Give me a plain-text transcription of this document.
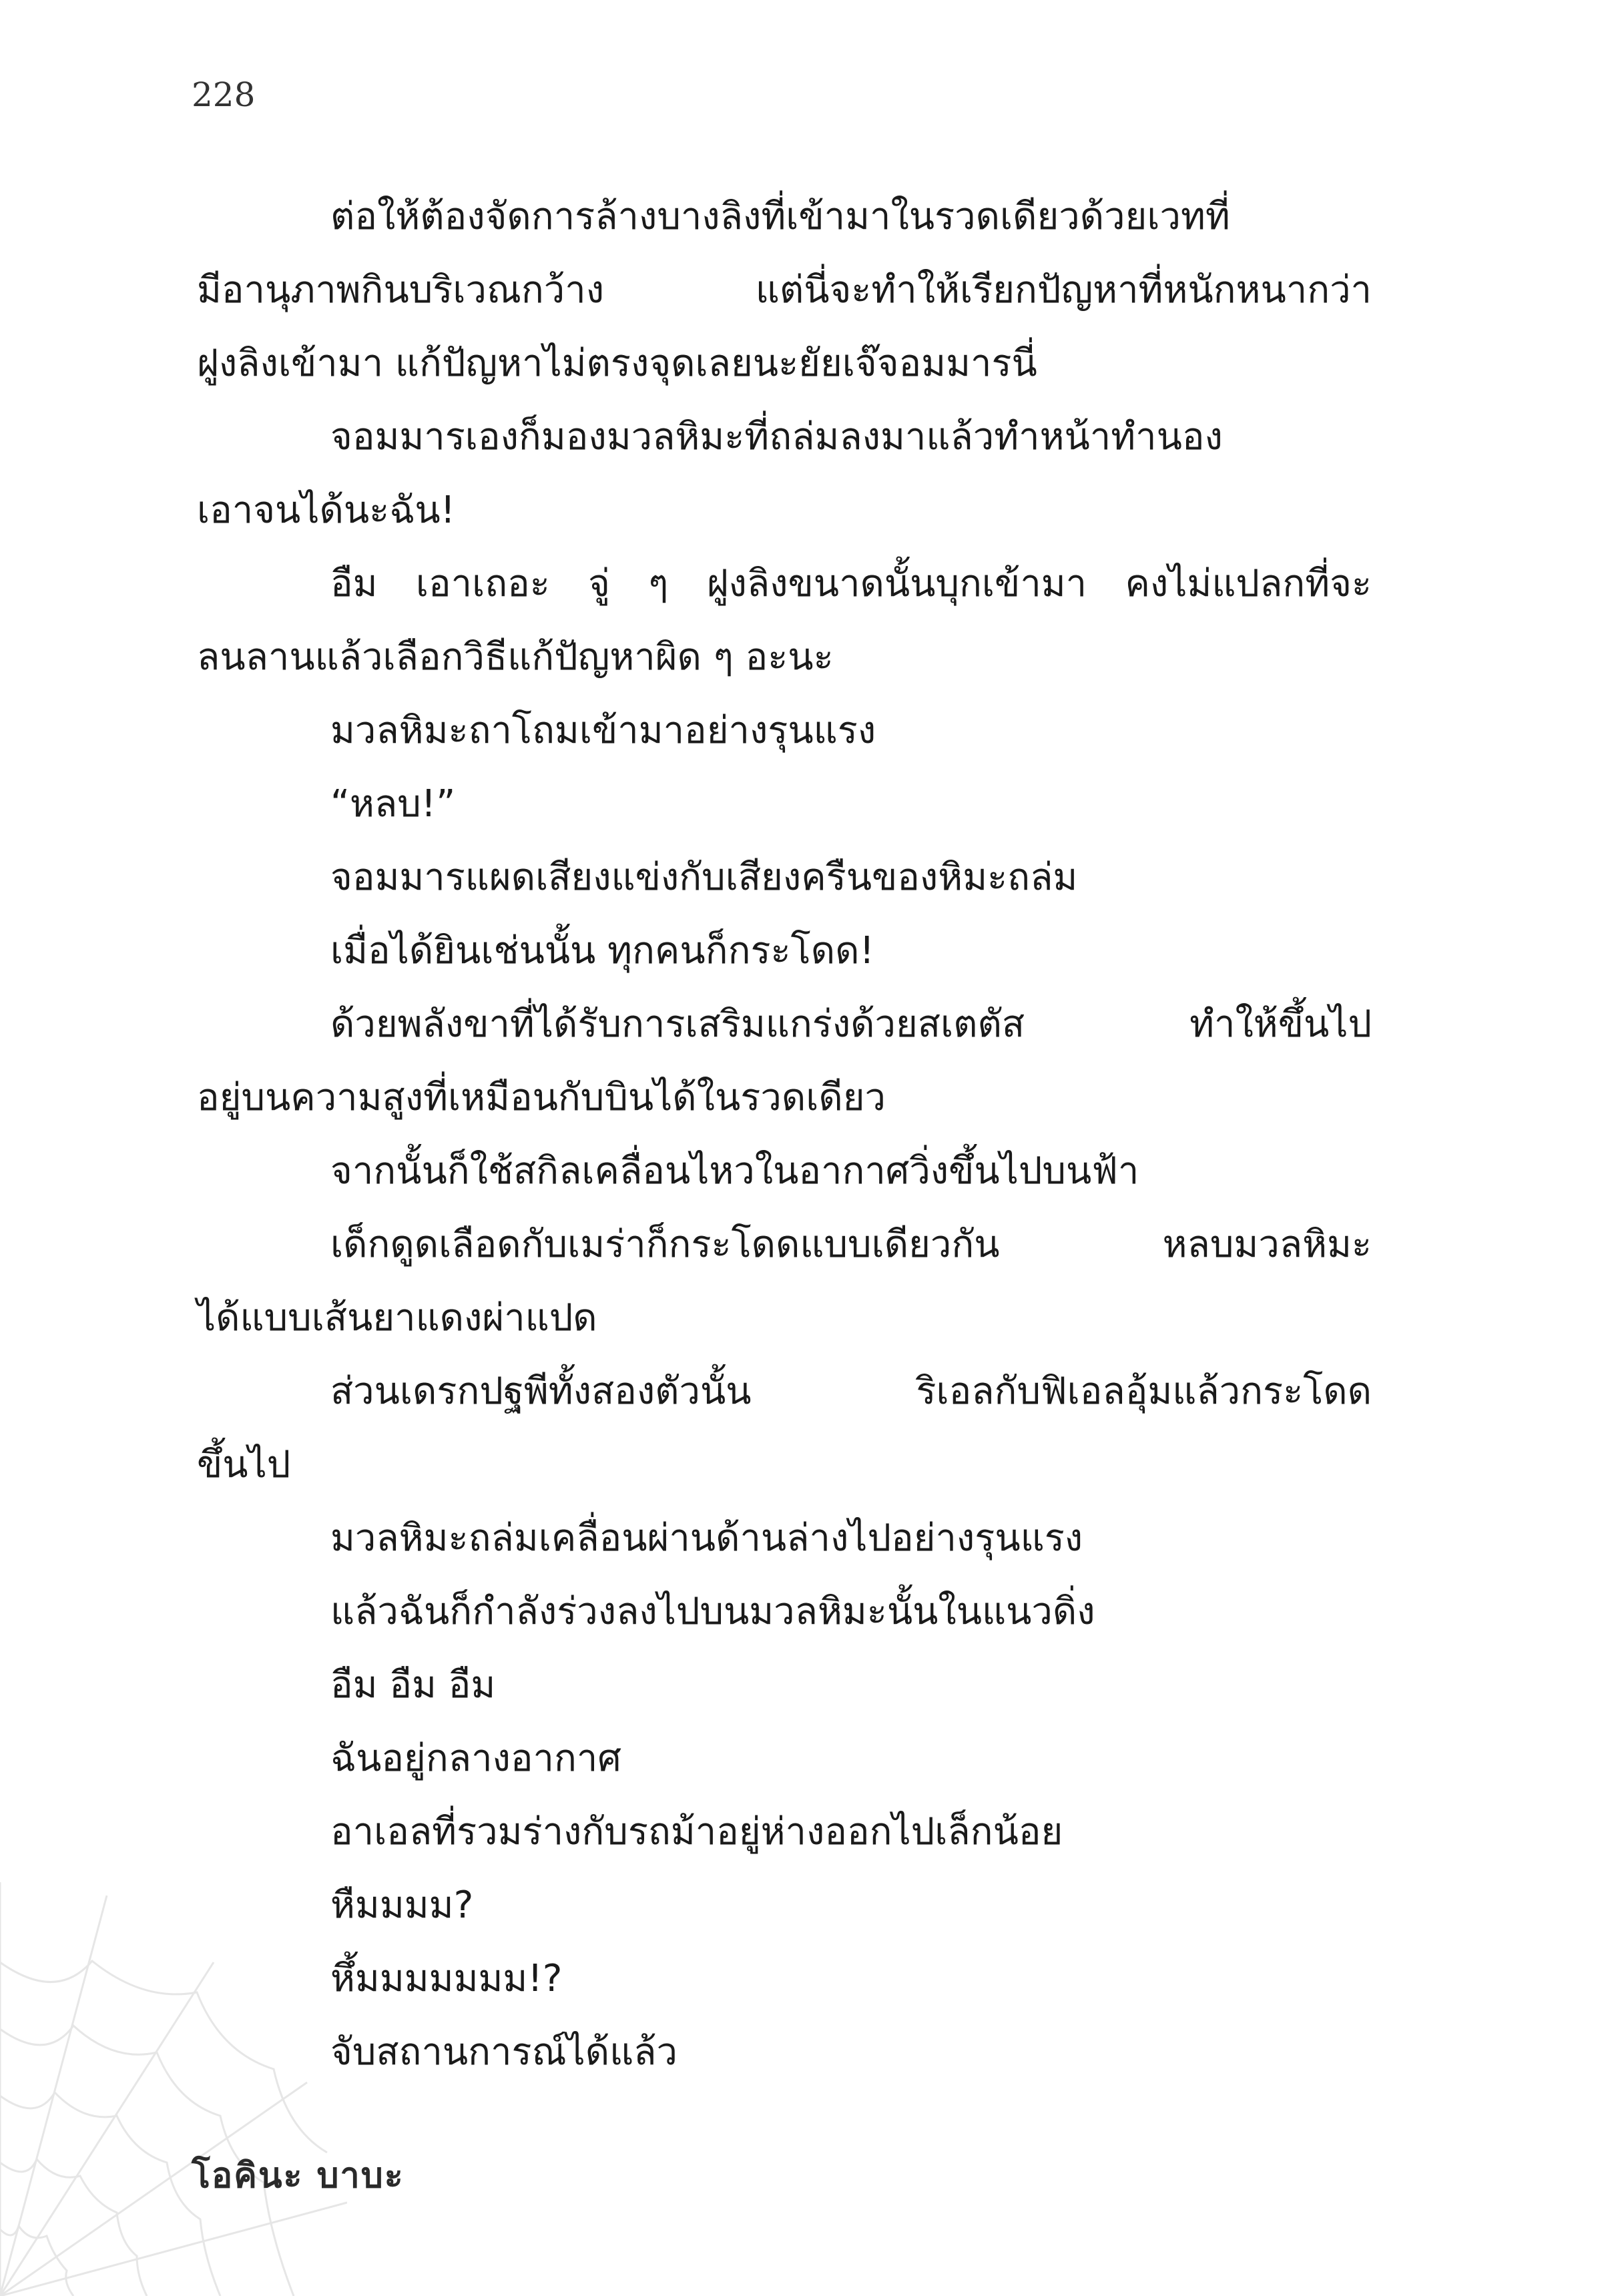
228
ต่อให้ต้องจัดการล้างบางลิงที่เข้ามาในรวดเดียวด้วยเวทที่
มีอานุภาพกินบริเวณกว้าง แต่นี่จะทำให้เรียกปัญหาที่หนักหนากว่า
ฝูงลิงเข้ามา แก้ปัญหาไม่ตรงจุดเลยนะยัยเจ๊จอมมารนี่
จอมมารเองก็มองมวลหิมะที่ถล่มลงมาแล้วทำหน้าทำนอง
เอาจนได้นะฉัน!
อืม เอาเถอะ จู่ ๆ ฝูงลิงขนาดนั้นบุกเข้ามา คงไม่แปลกที่จะ
ลนลานแล้วเลือกวิธีแก้ปัญหาผิด ๆ อะนะ
มวลหิมะถาโถมเข้ามาอย่างรุนแรง
“หลบ!”
จอมมารแผดเสียงแข่งกับเสียงครืนของหิมะถล่ม
เมื่อได้ยินเช่นนั้น ทุกคนก็กระโดด!
ด้วยพลังขาที่ได้รับการเสริมแกร่งด้วยสเตตัส ทำให้ขึ้นไป
อยู่บนความสูงที่เหมือนกับบินได้ในรวดเดียว
จากนั้นก็ใช้สกิลเคลื่อนไหวในอากาศวิ่งขึ้นไปบนฟ้า
เด็กดูดเลือดกับเมร่าก็กระโดดแบบเดียวกัน หลบมวลหิมะ
ได้แบบเส้นยาแดงผ่าแปด
ส่วนเดรกปฐพีทั้งสองตัวนั้น ริเอลกับฟิเอลอุ้มแล้วกระโดด
ขึ้นไป
มวลหิมะถล่มเคลื่อนผ่านด้านล่างไปอย่างรุนแรง
แล้วฉันก็กำลังร่วงลงไปบนมวลหิมะนั้นในแนวดิ่ง
อืม อืม อืม
ฉันอยู่กลางอากาศ
อาเอลที่รวมร่างกับรถม้าอยู่ห่างออกไปเล็กน้อย
หืมมมม?
หึ้มมมมมมม!?
จับสถานการณ์ได้แล้ว
โอคินะ บาบะ
